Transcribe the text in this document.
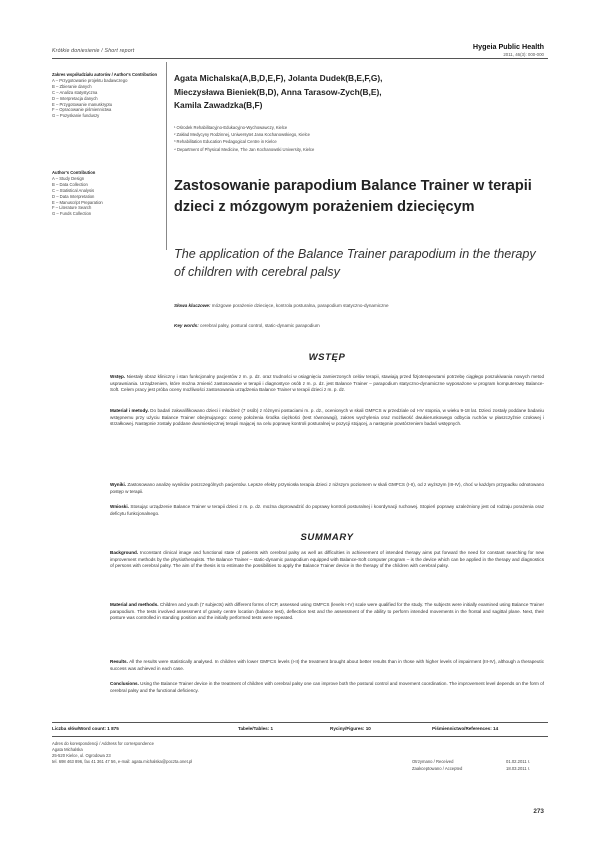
Krótkie doniesienie / Short report	Hygeia Public Health
2011, 46(3): 000-000
Zakres współudziału autorów / Author's Contribution
A – Przygotowanie projektu badawczego
B – Zbieranie danych
C – Analiza statystyczna
D – Interpretacja danych
E – Przygotowanie manuskryptu
F – Opracowanie piśmiennictwa
G – Pozyskanie funduszy
Author's Contribution
A – Study Design
B – Data Collection
C – Statistical Analysis
D – Data Interpretation
E – Manuscript Preparation
F – Literature Search
G – Funds Collection
Agata Michalska(A,B,D,E,F), Jolanta Dudek(B,E,F,G),
Mieczysława Bieniek(B,D), Anna Tarasow-Zych(B,E),
Kamila Zawadzka(B,F)
¹ Ośrodek Rehabilitacyjno-Edukacyjno-Wychowawczy, Kielce
² Zakład Medycyny Rodzinnej, Uniwersytet Jana Kochanowskiego, Kielce
³ Rehabilitation Education Pedagogical Centre in Kielce
⁴ Department of Physical Medicine, The Jan Kochanowski University, Kielce
Zastosowanie parapodium Balance Trainer w terapii dzieci z mózgowym porażeniem dziecięcym
The application of the Balance Trainer parapodium in the therapy of children with cerebral palsy
Słowa kluczowe: mózgowe porażenie dziecięce, kontrola posturalna, parapodium statyczno-dynamiczne
Key words: cerebral palsy, postural control, static-dynamic parapodium
WSTĘP
Wstęp. Niestały obraz kliniczny i stan funkcjonalny pacjentów z m. p. dz. oraz trudności w osiągnięciu zamierzonych celów terapii, stawiają przed fizjoterapeutami potrzebę ciągłego poszukiwania nowych metod usprawniania. Urządzeniem, które można zmienić zastosowanie w terapii i diagnostyce osób z m. p. dz. jest Balance Trainer – parapodium statyczno-dynamiczne wyposażone w program komputerowy Balance-Soft. Celem pracy jest próba oceny możliwości zastosowania urządzenia Balance Trainer w terapii dzieci z m. p. dz.
Materiał i metody. Do badań zakwalifikowano dzieci i młodzież (7 osób) z różnymi postaciami m. p. dz., ocenionych w skali GMFCS w przedziale od I-IV stopnia, w wieku 9-18 lat. Dzieci zostały poddane badaniu wstępnemu przy użyciu Balance Trainer obejmującego: ocenę położenia środka ciężkości (test równowagi), zakres wychylenia oraz możliwość dwukierunkowego odbycia ruchów w płaszczyźnie czołowej i strzałkowej. Następnie zostały poddane dwumiesięcznej terapii mającej na celu poprawę kontroli posturalnej w pozycji stojącej, a następnie powtórzeniem badań wstępnych.
Wyniki. Zastosowano analizę wyników poszczególnych pacjentów. Lepsze efekty przyniosła terapia dzieci z niższym poziomem w skali GMFCS (I-II), od z wyższym (III-IV), choć w każdym przypadku odnotowano postęp w terapii.
Wnioski. Stosując urządzenie Balance Trainer w terapii dzieci z m. p. dz. można doprowadzić do poprawy kontroli posturalnej i koordynacji ruchowej. Stopień poprawy uzależniony jest od rodzaju porażenia oraz deficytu funkcjonalnego.
SUMMARY
Background. Inconstant clinical image and functional state of patients with cerebral palsy as well as difficulties in achievement of intended therapy aims put forward the need for constant searching for new improvement methods by the physiotherapists. The Balance Trainer – static-dynamic parapodium equipped with Balance-Soft computer program – is the device which can be applied in the therapy and diagnostics of persons with cerebral palsy. The aim of the thesis is to estimate the possibilities to apply the Balance Trainer device in the therapy of the children with cerebral palsy.
Material and methods. Children and youth (7 subjects) with different forms of ICP, assessed using GMFCS (levels I-IV) scale were qualified for the study. The subjects were initially examined using Balance Trainer parapodium. The tests involved assessment of gravity centre location (balance test), deflection test and the assessment of the ability to perform intended movements in the frontal and sagittal plane. Next, their posture was controlled in standing position and the initially performed tests were repeated.
Results. All the results were statistically analysed. In children with lower GMFCS levels (I-II) the treatment brought about better results than in those with higher levels of impairment (III-IV), although a therapeutic success was achieved in each case.
Conclusions. Using the Balance Trainer device in the treatment of children with cerebral palsy one can improve both the postural control and movement coordination. The improvement level depends on the form of cerebral palsy and the functional deficiency.
Liczba słów/Word count: 1 875	Tabele/Tables: 1	Ryciny/Figures: 10	Piśmiennictwo/References: 14
Adres do korespondencji / Address for correspondence
Agata Michalska
25-520 Kielce, ul. Ogrodowa 23
tel. 698 463 896, fax 41 361 47 56, e-mail: agata.michalska@poczta.onet.pl	Otrzymano / Received	01.02.2011 r.
Zaakceptowano / Accepted	18.03.2011 r.
273
